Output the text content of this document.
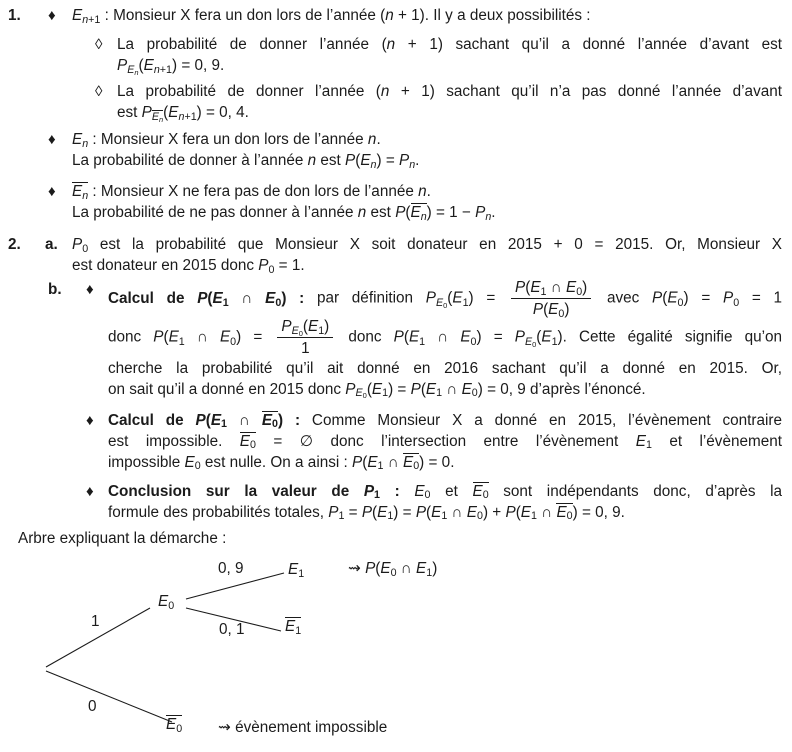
1.	♦	$E_{n+1}$ : Monsieur X fera un don lors de l’année (n + 1). Il y a deux possibilités :
◊ La probabilité de donner l’année (n + 1) sachant qu’il a donné l’année d’avant est
$P_{E_n}(E_{n+1}) = 0$, 9.
◊ La probabilité de donner l’année (n + 1) sachant qu’il n’a pas donné l’année d’avant
est $P_{E_n}(E_{n+1}) = 0$, 4.
♦	$E_n$ : Monsieur X fera un don lors de l’année n.
La probabilité de donner à l’année n est $P(E_n) = P_n$.
♦	$E_n$ : Monsieur X ne fera pas de don lors de l’année n.
La probabilité de ne pas donner à l’année n est $P(E_n) = 1 - P_n$.
2.	a. $P_0$ est la probabilité que Monsieur X soit donateur en 2015 + 0 = 2015. Or, Monsieur X
est donateur en 2015 donc $P_0 = 1$.
b.	♦
Calcul de $P(E_1$ ∩ $E_0$) : par définition $P_{E_0}(E_1) = \frac{P(E_1 \cap E_0)}{P(E_0)}$ avec $P(E_0) = P_0 = 1$
donc $P(E_1$ ∩ $E_0) = \frac{P_{E_0}(E_1)}{1}$ donc $P(E_1$ ∩ $E_0) = P_{E_0}(E_1)$. Cette égalité signifie qu’on
cherche la probabilité qu’il ait donné en 2016 sachant qu’il a donné en 2015. Or,
on sait qu’il a donné en 2015 donc $P_{E_0}(E_1) = P(E_1$ ∩ $E_0) = 0$, 9 d’après l’énoncé.
♦ Calcul de $P(E_1$ ∩ $E_0$) : Comme Monsieur X a donné en 2015, l’évènement contraire
est impossible. $E_0$ = ∅ donc l’intersection entre l’évènement $E_1$ et l’évènement
impossible $E_0$ est nulle. On a ainsi : $P(E_1$ ∩ $E_0) = 0$.
♦ Conclusion sur la valeur de $P_1$ : $E_0$ et $E_0$ sont indépendants donc, d’après la
formule des probabilités totales, $P_1 = P(E_1) = P(E_1$ ∩ $E_0) + P(E_1$ ∩ $E_0) = 0$, 9.
Arbre expliquant la démarche :
0, 9	$E_1$	⇝ $P(E_0$ ∩ $E_1$)
$E_0$
1	0, 1	$E_1$
0
$E_0$ ⇝ évènement impossible
